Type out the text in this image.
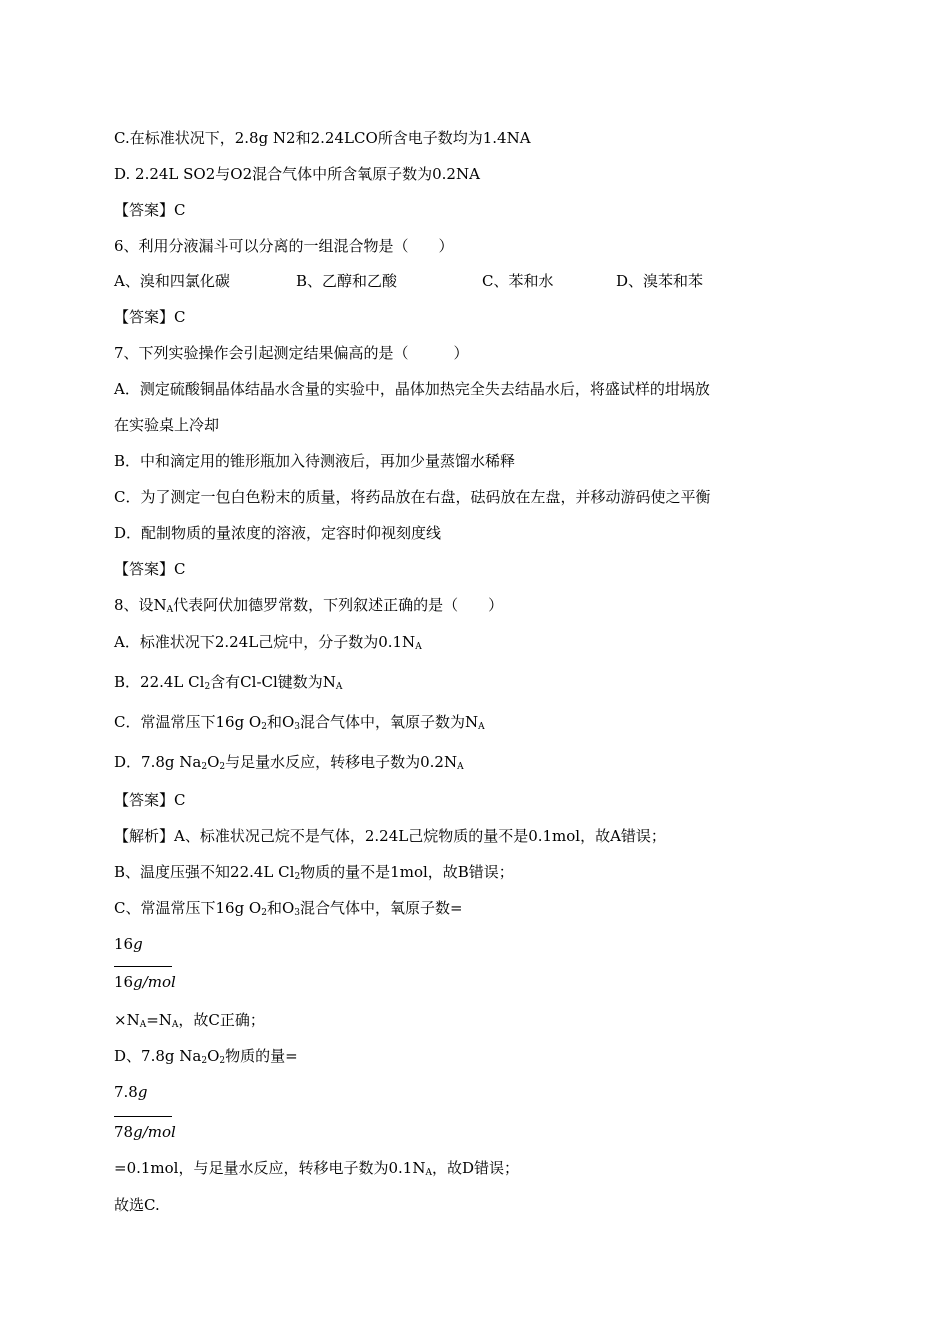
C.在标准状况下，2.8g N2和2.24LCO所含电子数均为1.4NA
D. 2.24L SO2与O2混合气体中所含氧原子数为0.2NA
【答案】C
6、利用分液漏斗可以分离的一组混合物是（　　）
A、溴和四氯化碳	B、乙醇和乙酸	C、苯和水	D、溴苯和苯
【答案】C
7、下列实验操作会引起测定结果偏高的是（　　　）
A．测定硫酸铜晶体结晶水含量的实验中，晶体加热完全失去结晶水后，将盛试样的坩埚放
在实验桌上冷却
B．中和滴定用的锥形瓶加入待测液后，再加少量蒸馏水稀释
C．为了测定一包白色粉末的质量，将药品放在右盘，砝码放在左盘，并移动游码使之平衡
D．配制物质的量浓度的溶液，定容时仰视刻度线
【答案】C
8、设$N_A$代表阿伏加德罗常数，下列叙述正确的是（　　）
A．标准状况下2.24L己烷中，分子数为$0.1N_A$
B．22.4L $Cl_2$含有Cl-Cl键数为$N_A$
C．常温常压下16g $O_2$和$O_3$混合气体中，氧原子数为$N_A$
D．7.8g $Na_2O_2$与足量水反应，转移电子数为$0.2N_A$
【答案】C
【解析】A、标准状况己烷不是气体，2.24L己烷物质的量不是0.1mol，故A错误；
B、温度压强不知22.4L $Cl_2$物质的量不是1mol，故B错误；
C、常温常压下16g $O_2$和$O_3$混合气体中，氧原子数=
16g
16g/mol
$\times N_A=N_A$，故C正确；
D、7.8g $Na_2O_2$物质的量=
7.8g
78g/mol
=0.1mol，与足量水反应，转移电子数为$0.1N_A$，故D错误；
故选C.
